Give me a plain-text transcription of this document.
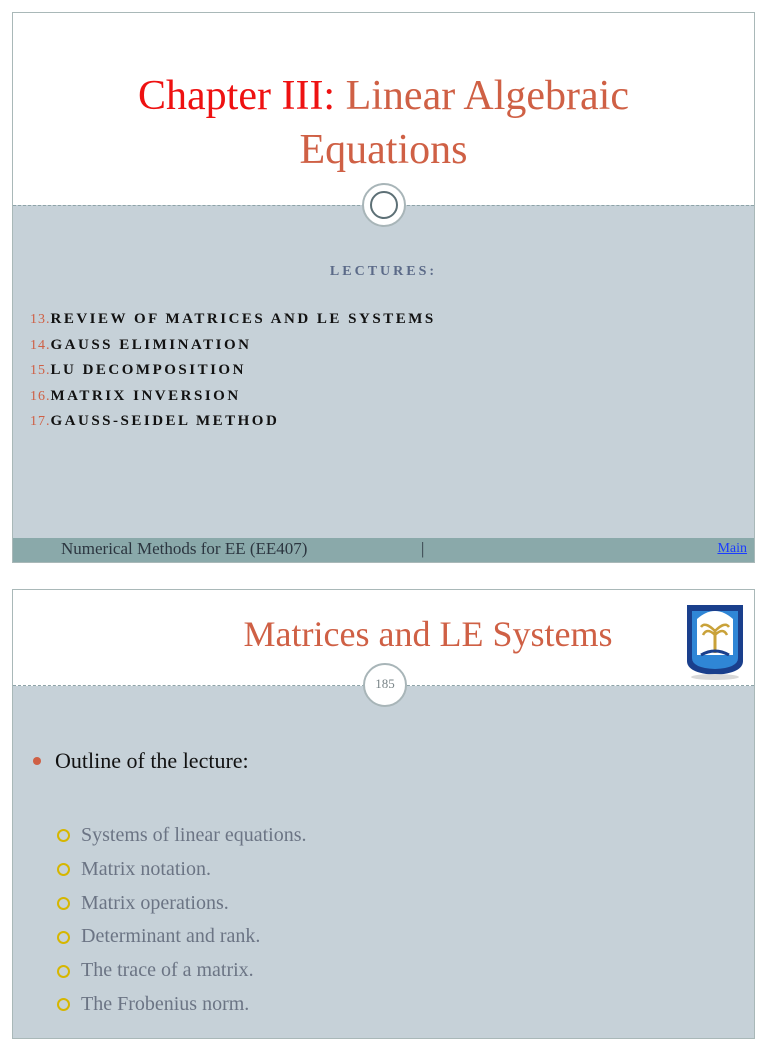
Chapter III: Linear Algebraic
Equations
LECTURES:
13.REVIEW OF MATRICES AND LE SYSTEMS
14.GAUSS ELIMINATION
15.LU DECOMPOSITION
16.MATRIX INVERSION
17.GAUSS-SEIDEL METHOD
Numerical Methods for EE (EE407)	|	Main
Matrices and LE Systems
185
Outline of the lecture:
Systems of linear equations.
Matrix notation.
Matrix operations.
Determinant and rank.
The trace of a matrix.
The Frobenius norm.
